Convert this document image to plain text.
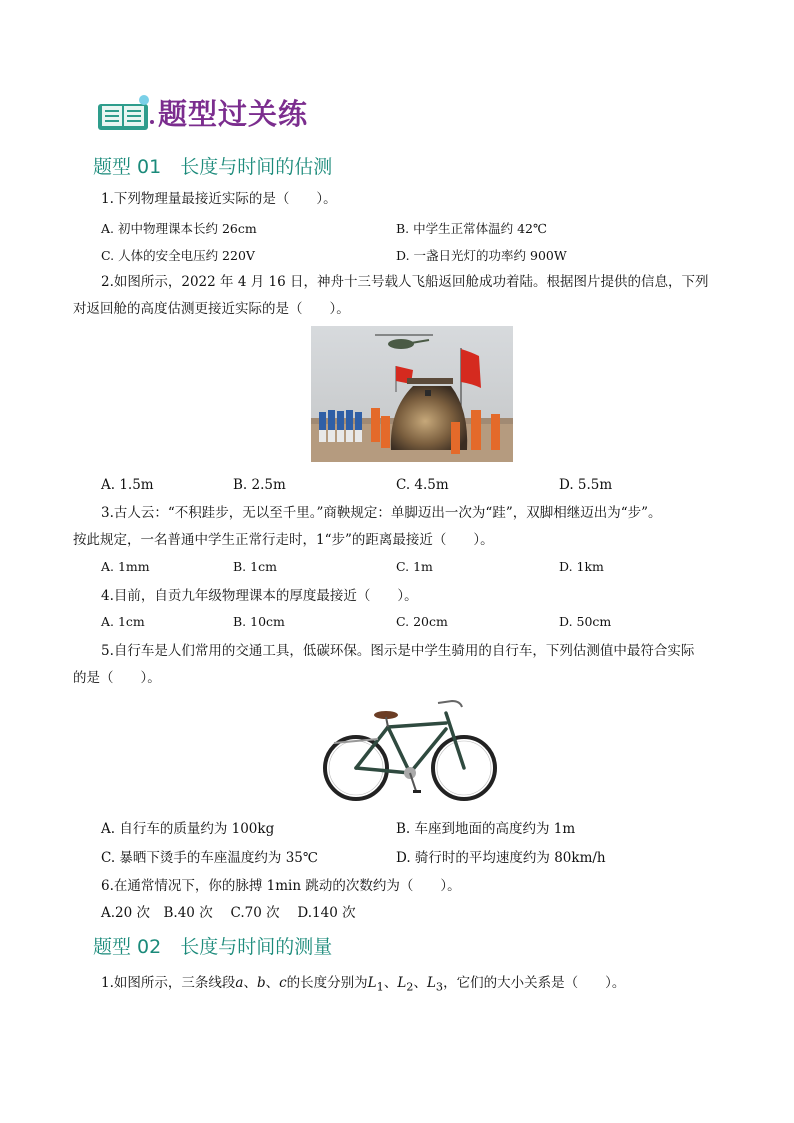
题型过关练
题型 01　长度与时间的估测
1.下列物理量最接近实际的是（　　）。
A. 初中物理课本长约 26cm	B. 中学生正常体温约 42℃
C. 人体的安全电压约 220V	D. 一盏日光灯的功率约 900W
2.如图所示，2022 年 4 月 16 日，神舟十三号载人飞船返回舱成功着陆。根据图片提供的信息，下列
对返回舱的高度估测更接近实际的是（　　）。
A. 1.5m	B. 2.5m	C. 4.5m	D. 5.5m
3.古人云：“不积跬步，无以至千里。”商鞅规定：单脚迈出一次为“跬”，双脚相继迈出为“步”。
按此规定，一名普通中学生正常行走时，1“步”的距离最接近（　　）。
A. 1mm	B. 1cm	C. 1m	D. 1km
4.目前，自贡九年级物理课本的厚度最接近（　　）。
A. 1cm	B. 10cm	C. 20cm	D. 50cm
5.自行车是人们常用的交通工具，低碳环保。图示是中学生骑用的自行车，下列估测值中最符合实际
的是（　　）。
A. 自行车的质量约为 100kg	B. 车座到地面的高度约为 1m
C. 暴晒下烫手的车座温度约为 35℃	D. 骑行时的平均速度约为 80km/h
6.在通常情况下，你的脉搏 1min 跳动的次数约为（　　）。
A.20 次　B.40 次　 C.70 次　 D.140 次
题型 02　长度与时间的测量
1.如图所示，三条线段a、b、c的长度分别为$L_1$、$L_2$、$L_3$，它们的大小关系是（　　）。
